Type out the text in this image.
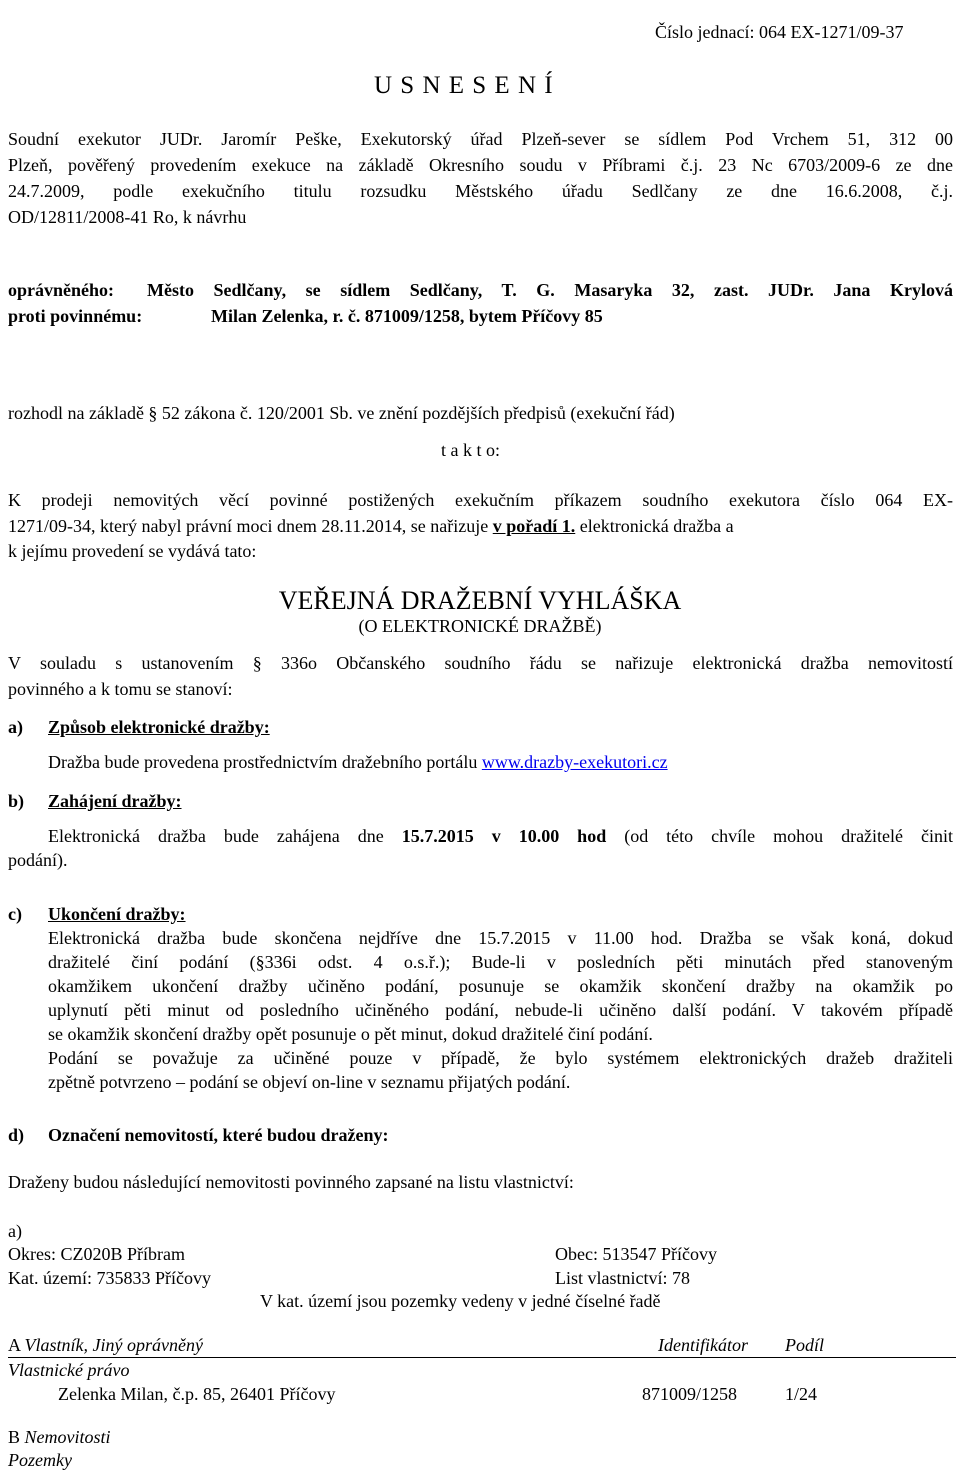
Číslo jednací: 064 EX-1271/09-37
U S N E S E N Í
Soudní exekutor JUDr. Jaromír Peške, Exekutorský úřad Plzeň-sever se sídlem Pod Vrchem 51, 312 00
Plzeň, pověřený provedením exekuce na základě Okresního soudu v Příbrami č.j. 23 Nc 6703/2009-6 ze dne
24.7.2009, podle exekučního titulu rozsudku Městského úřadu Sedlčany ze dne 16.6.2008, č.j.
OD/12811/2008-41 Ro, k návrhu
oprávněného: Město Sedlčany, se sídlem Sedlčany, T. G. Masaryka 32, zast. JUDr. Jana Krylová
proti povinnému:	Milan Zelenka, r. č. 871009/1258, bytem Příčovy 85
rozhodl na základě § 52 zákona č. 120/2001 Sb. ve znění pozdějších předpisů (exekuční řád)
t a k t o:
K prodeji nemovitých věcí povinné postižených exekučním příkazem soudního exekutora číslo 064 EX-
1271/09-34, který nabyl právní moci dnem 28.11.2014, se nařizuje v pořadí 1. elektronická dražba a
k jejímu provedení se vydává tato:
VEŘEJNÁ DRAŽEBNÍ VYHLÁŠKA
(O ELEKTRONICKÉ DRAŽBĚ)
V souladu s ustanovením § 336o Občanského soudního řádu se nařizuje elektronická dražba nemovitostí
povinného a k tomu se stanoví:
a) Způsob elektronické dražby:
Dražba bude provedena prostřednictvím dražebního portálu www.drazby-exekutori.cz
b) Zahájení dražby:
Elektronická dražba bude zahájena dne 15.7.2015 v 10.00 hod (od této chvíle mohou dražitelé činit
podání).
c) Ukončení dražby:
Elektronická dražba bude skončena nejdříve dne 15.7.2015 v 11.00 hod. Dražba se však koná, dokud
dražitelé činí podání (§336i odst. 4 o.s.ř.); Bude-li v posledních pěti minutách před stanoveným
okamžikem ukončení dražby učiněno podání, posunuje se okamžik skončení dražby na okamžik po
uplynutí pěti minut od posledního učiněného podání, nebude-li učiněno další podání. V takovém případě
se okamžik skončení dražby opět posunuje o pět minut, dokud dražitelé činí podání.
Podání se považuje za učiněné pouze v případě, že bylo systémem elektronických dražeb dražiteli
zpětně potvrzeno – podání se objeví on-line v seznamu přijatých podání.
d) Označení nemovitostí, které budou draženy:
Draženy budou následující nemovitosti povinného zapsané na listu vlastnictví:
a)
Okres: CZ020B Příbram	Obec: 513547 Příčovy
Kat. území: 735833 Příčovy	List vlastnictví: 78
V kat. území jsou pozemky vedeny v jedné číselné řadě
A Vlastník, Jiný oprávněný	Identifikátor Podíl
Vlastnické právo
Zelenka Milan, č.p. 85, 26401 Příčovy	871009/1258	1/24
B Nemovitosti
Pozemky
